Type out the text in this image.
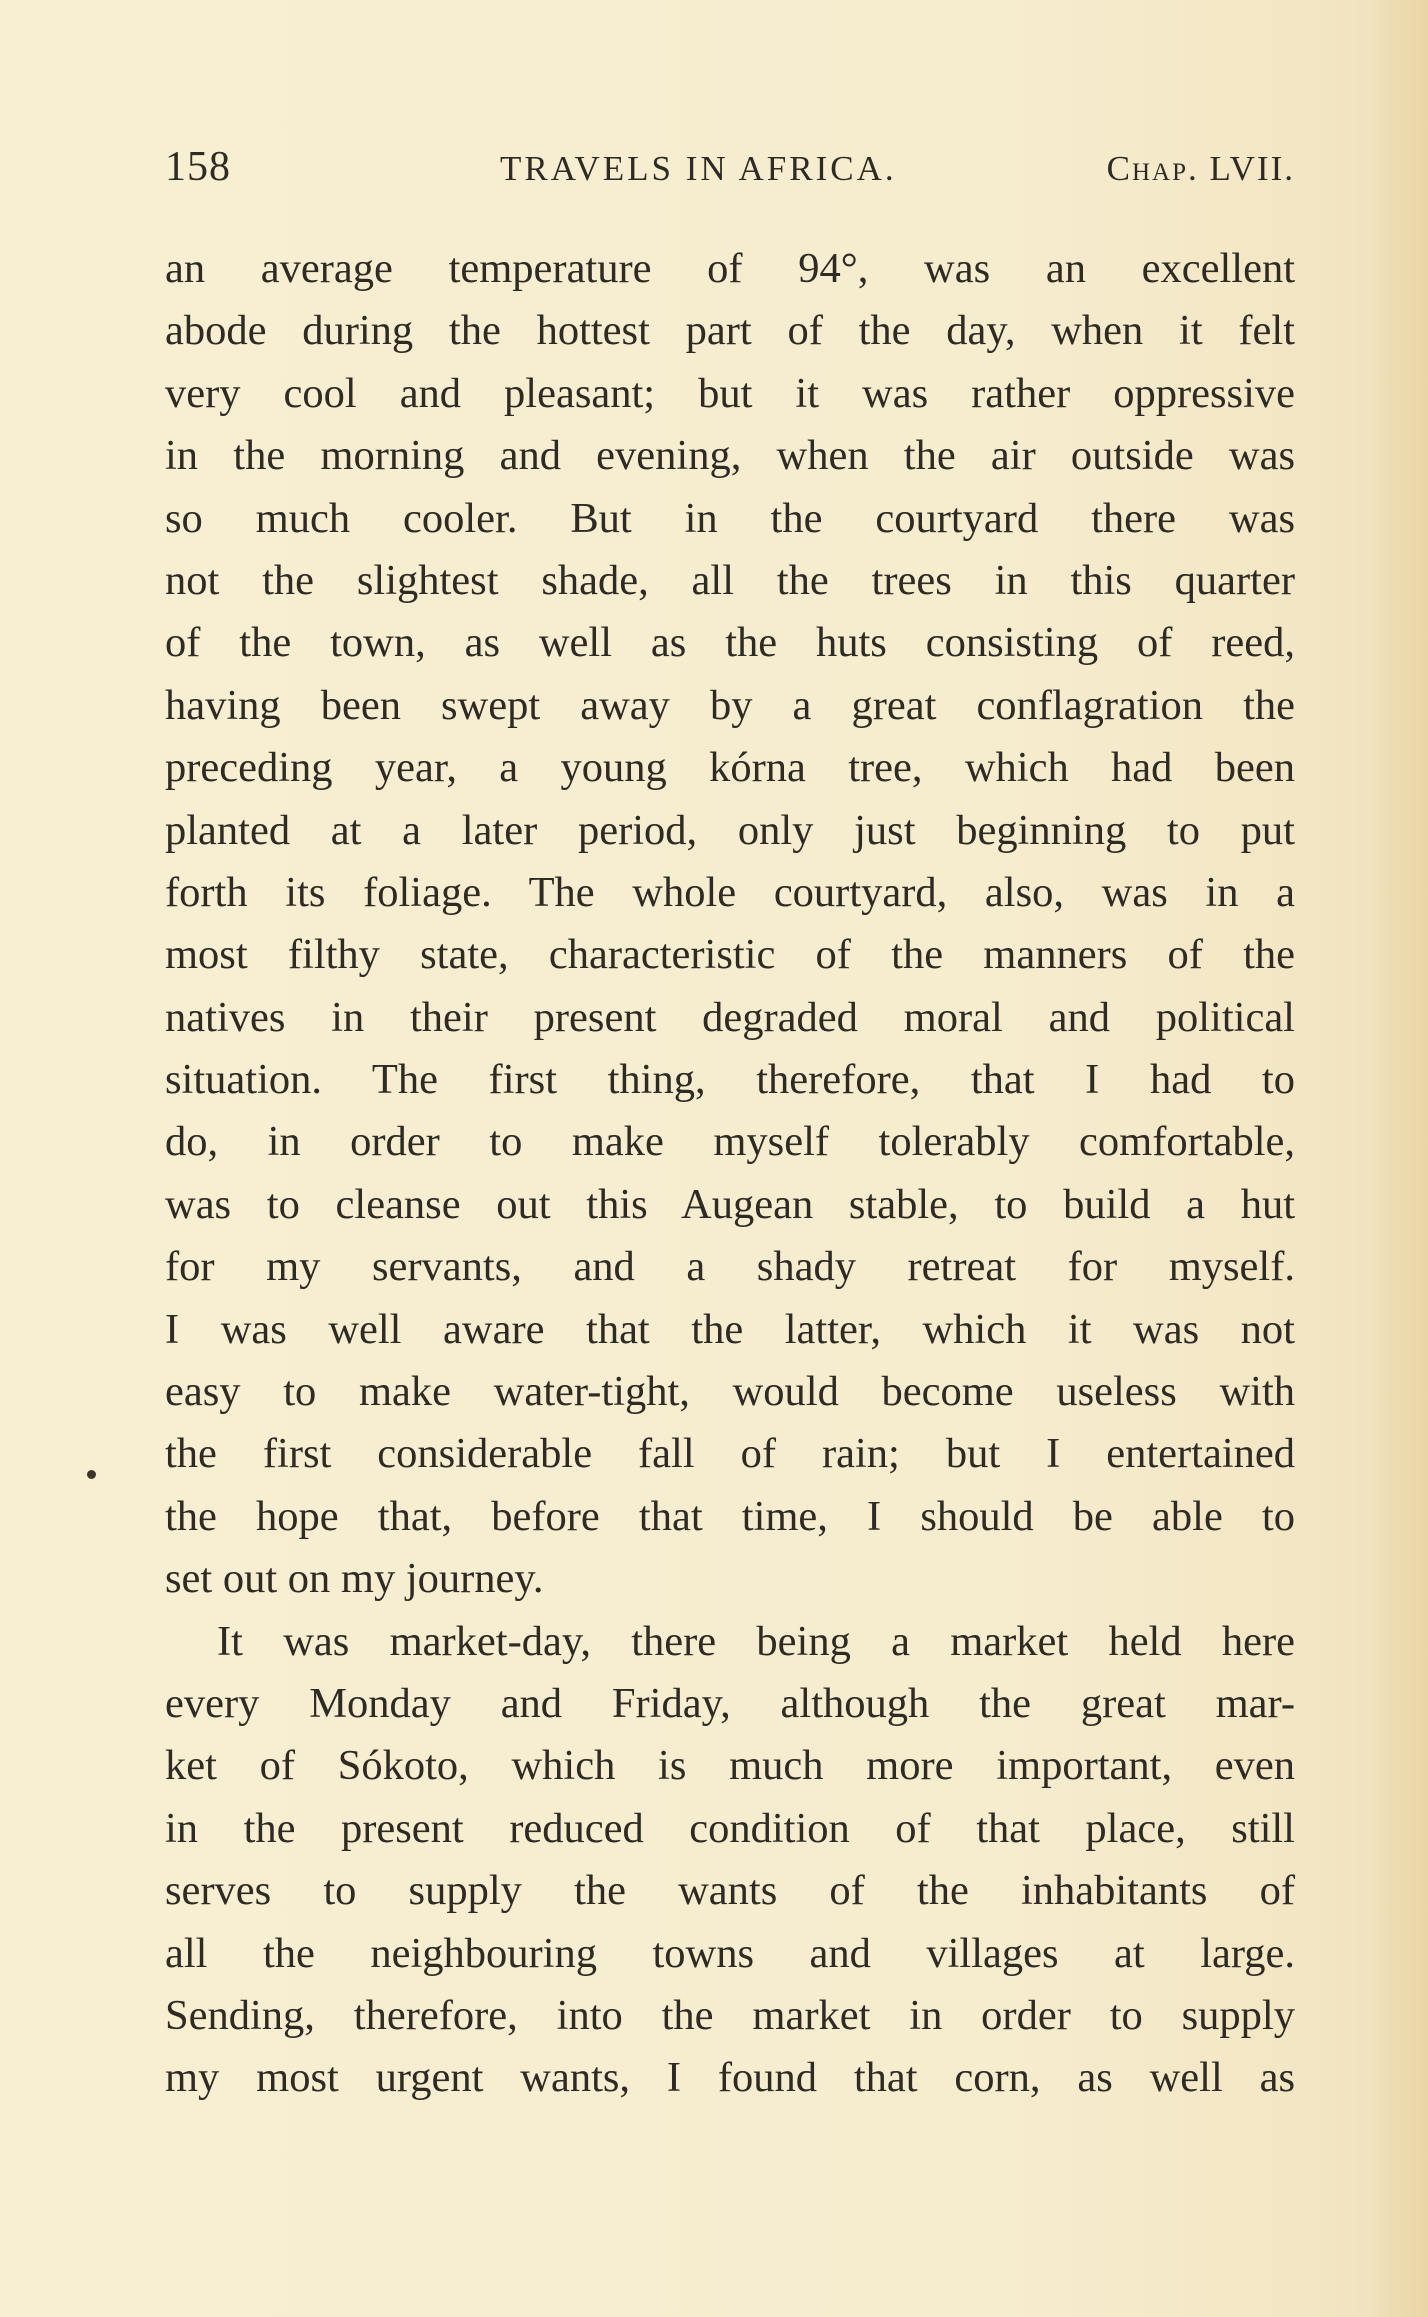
158	TRAVELS IN AFRICA.	Chap. LVII.
an average temperature of 94°, was an excellent
abode during the hottest part of the day, when it felt
very cool and pleasant; but it was rather oppressive
in the morning and evening, when the air outside was
so much cooler. But in the courtyard there was
not the slightest shade, all the trees in this quarter
of the town, as well as the huts consisting of reed,
having been swept away by a great conflagration the
preceding year, a young kórna tree, which had been
planted at a later period, only just beginning to put
forth its foliage. The whole courtyard, also, was in a
most filthy state, characteristic of the manners of the
natives in their present degraded moral and political
situation. The first thing, therefore, that I had to
do, in order to make myself tolerably comfortable,
was to cleanse out this Augean stable, to build a hut
for my servants, and a shady retreat for myself.
I was well aware that the latter, which it was not
easy to make water-tight, would become useless with
the first considerable fall of rain; but I entertained
the hope that, before that time, I should be able to
set out on my journey.
It was market-day, there being a market held here
every Monday and Friday, although the great mar-
ket of Sókoto, which is much more important, even
in the present reduced condition of that place, still
serves to supply the wants of the inhabitants of
all the neighbouring towns and villages at large.
Sending, therefore, into the market in order to supply
my most urgent wants, I found that corn, as well as
